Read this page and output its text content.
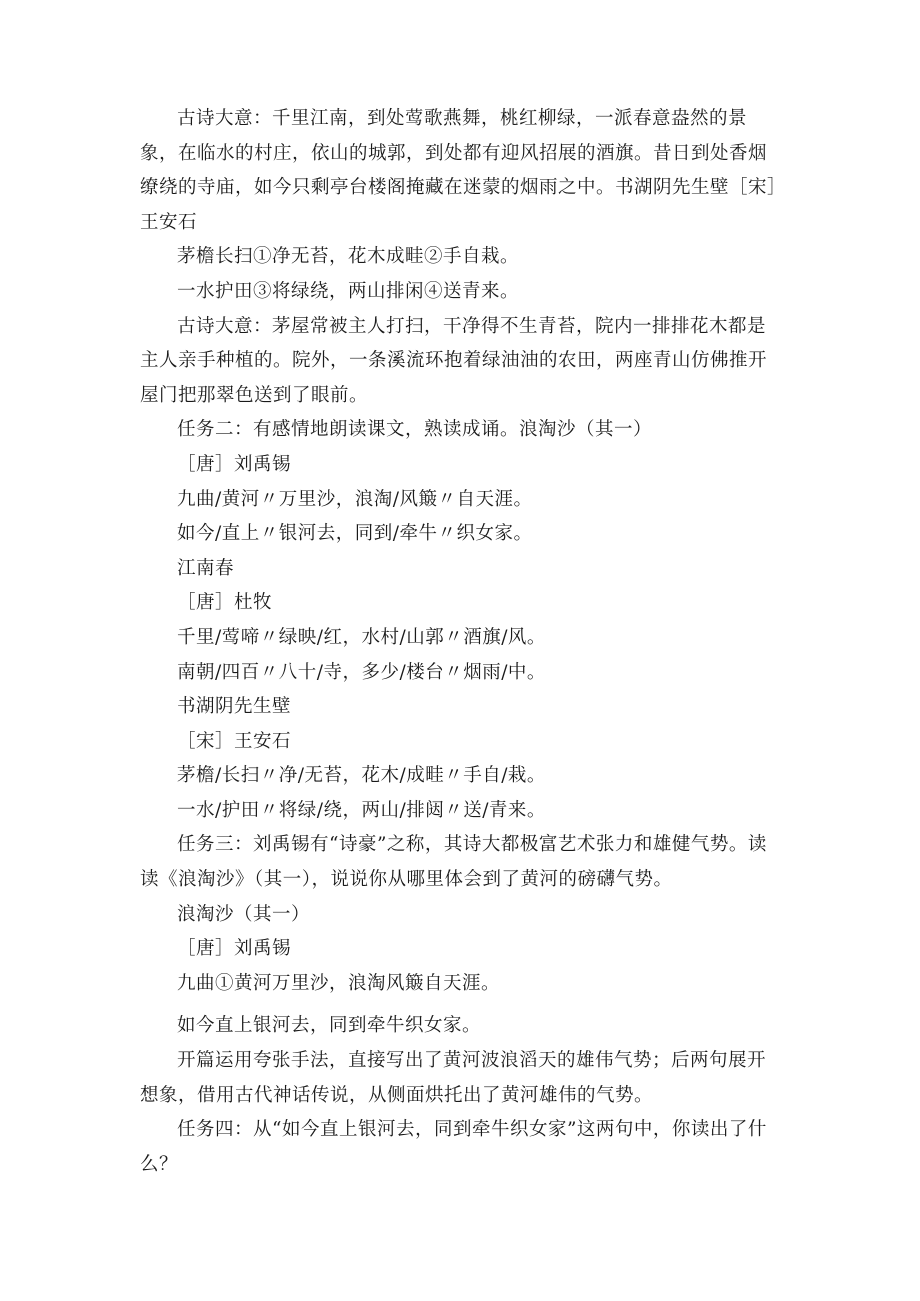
古诗大意：千里江南，到处莺歌燕舞，桃红柳绿，一派春意盎然的景象，在临水的村庄，依山的城郭，到处都有迎风招展的酒旗。昔日到处香烟缭绕的寺庙，如今只剩亭台楼阁掩藏在迷蒙的烟雨之中。书湖阴先生壁［宋］王安石

茅檐长扫①净无苔，花木成畦②手自栽。

一水护田③将绿绕，两山排闲④送青来。

古诗大意：茅屋常被主人打扫，干净得不生青苔，院内一排排花木都是主人亲手种植的。院外，一条溪流环抱着绿油油的农田，两座青山仿佛推开屋门把那翠色送到了眼前。

任务二：有感情地朗读课文，熟读成诵。浪淘沙（其一）

［唐］刘禹锡

九曲/黄河〃万里沙，浪淘/风簸〃自天涯。

如今/直上〃银河去，同到/牵牛〃织女家。

江南春

［唐］杜牧

千里/莺啼〃绿映/红，水村/山郭〃酒旗/风。

南朝/四百〃八十/寺，多少/楼台〃烟雨/中。

书湖阴先生壁

［宋］王安石

茅檐/长扫〃净/无苔，花木/成畦〃手自/栽。

一水/护田〃将绿/绕，两山/排闼〃送/青来。

任务三：刘禹锡有“诗豪”之称，其诗大都极富艺术张力和雄健气势。读读《浪淘沙》（其一），说说你从哪里体会到了黄河的磅礴气势。

浪淘沙（其一）

［唐］刘禹锡

九曲①黄河万里沙，浪淘风簸自天涯。

如今直上银河去，同到牵牛织女家。

开篇运用夸张手法，直接写出了黄河波浪滔天的雄伟气势；后两句展开想象，借用古代神话传说，从侧面烘托出了黄河雄伟的气势。

任务四：从“如今直上银河去，同到牵牛织女家”这两句中，你读出了什么？
